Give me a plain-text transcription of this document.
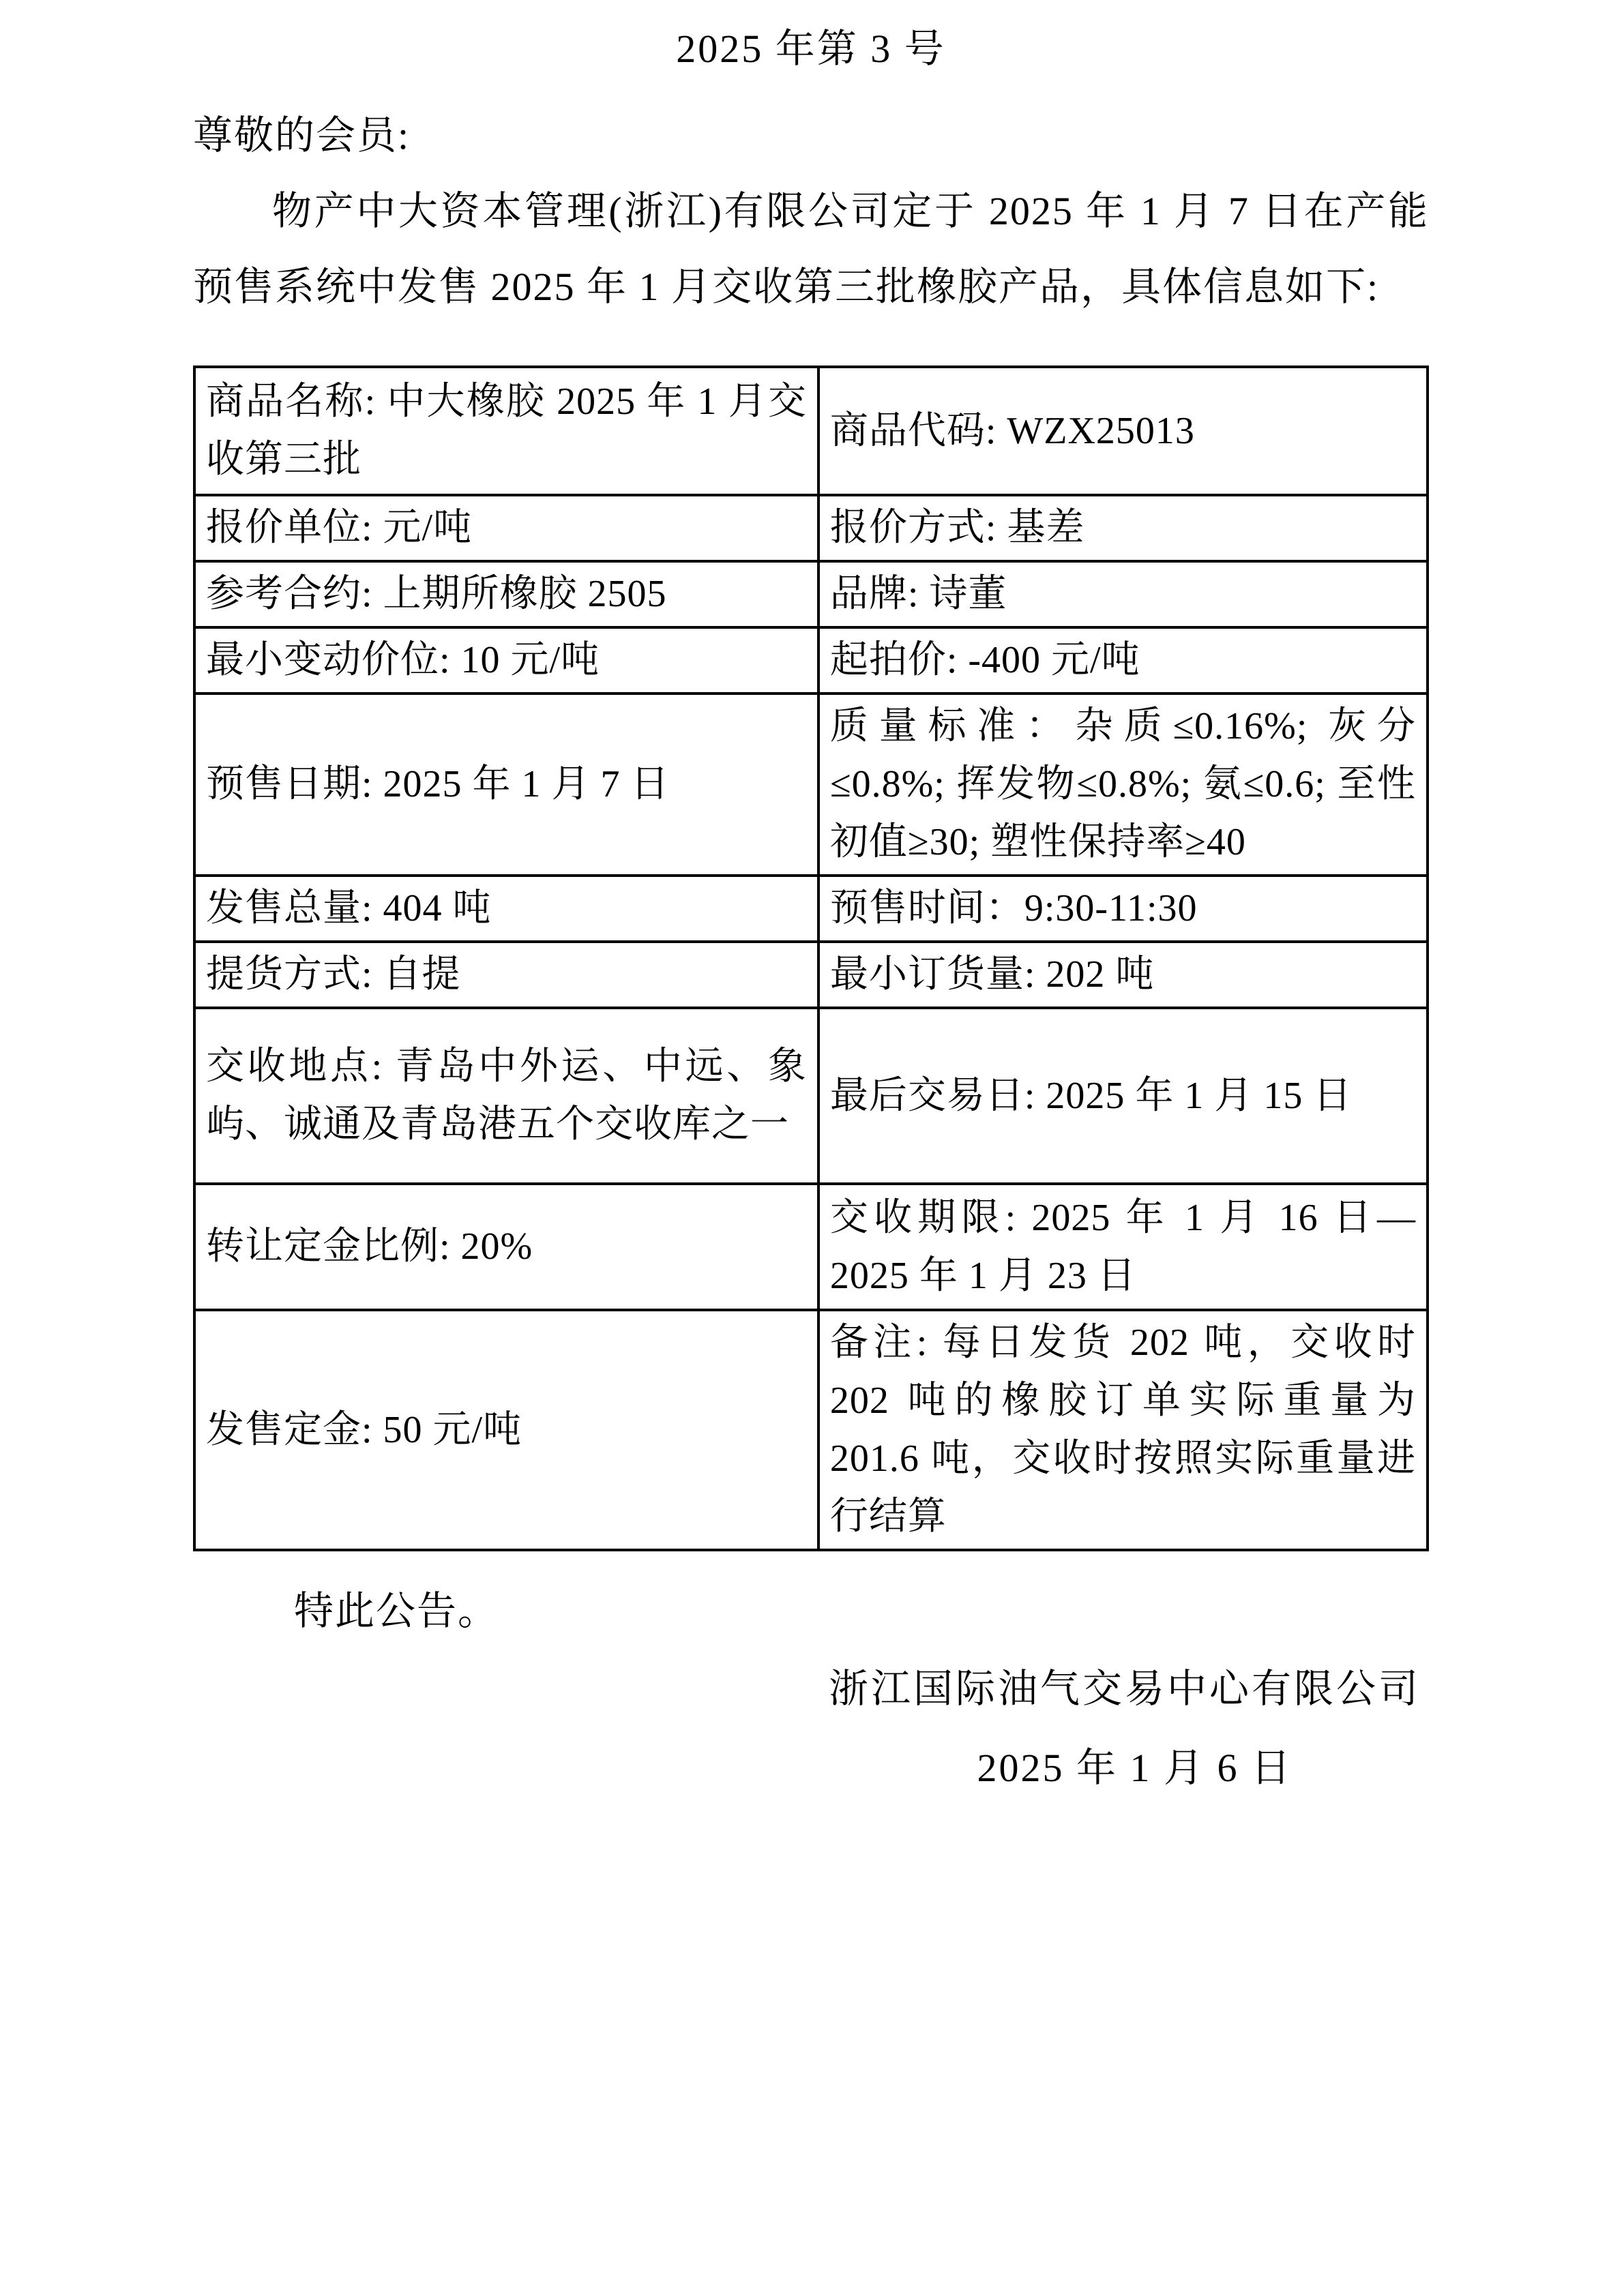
2025 年第 3 号
尊敬的会员:

物产中大资本管理(浙江)有限公司定于 2025 年 1 月 7 日在产能预售系统中发售 2025 年 1 月交收第三批橡胶产品，具体信息如下:

商品名称: 中大橡胶 2025 年 1 月交收第三批	商品代码: WZX25013
报价单位: 元/吨	报价方式: 基差
参考合约: 上期所橡胶 2505	品牌: 诗董
最小变动价位: 10 元/吨	起拍价: -400 元/吨
预售日期: 2025 年 1 月 7 日	质量标准：杂质≤0.16%; 灰分≤0.8%; 挥发物≤0.8%; 氨≤0.6; 至性初值≥30; 塑性保持率≥40
发售总量: 404 吨	预售时间：9:30-11:30
提货方式: 自提	最小订货量: 202 吨
交收地点: 青岛中外运、中远、象屿、诚通及青岛港五个交收库之一	最后交易日: 2025 年 1 月 15 日
转让定金比例: 20%	交收期限: 2025 年 1 月 16 日—2025 年 1 月 23 日
发售定金: 50 元/吨	备注: 每日发货 202 吨，交收时 202 吨的橡胶订单实际重量为 201.6 吨，交收时按照实际重量进行结算
特此公告。
浙江国际油气交易中心有限公司
2025 年 1 月 6 日
